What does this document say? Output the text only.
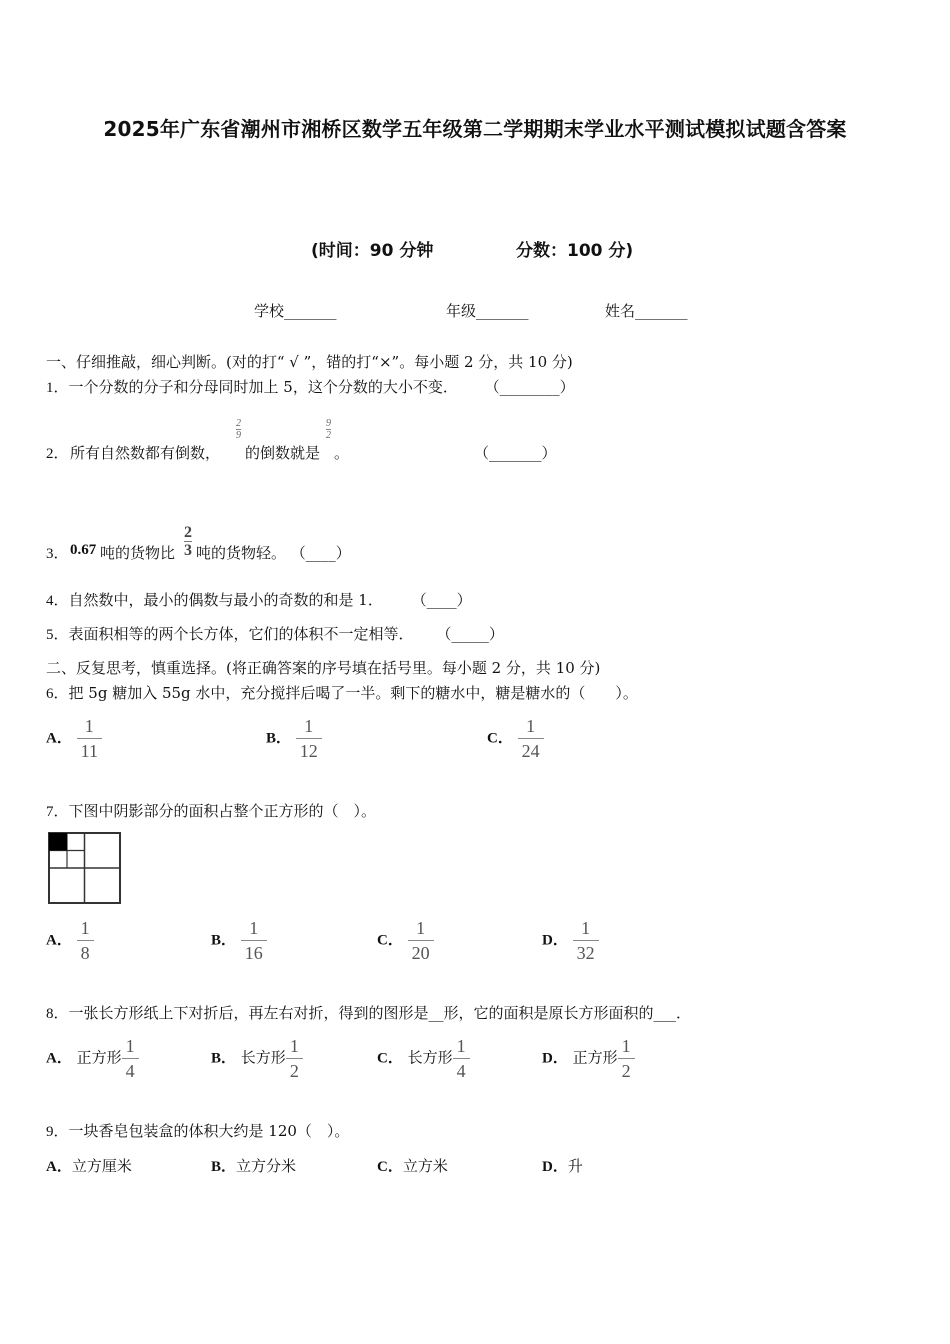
2025年广东省潮州市湘桥区数学五年级第二学期期末学业水平测试模拟试题含答案
(时间：90 分钟	分数：100 分)
学校_______	年级_______	姓名_______
一、仔细推敲，细心判断。(对的打“ √ ”，错的打“×”。每小题 2 分，共 10 分)
1．一个分数的分子和分母同时加上 5，这个分数的大小不变． （________）
2． 所有自然数都有倒数，
2
9
的倒数就是
9
2
。	（_______）
3． 0.67 吨的货物比
2
3 吨的货物轻。 （____）
4．自然数中，最小的偶数与最小的奇数的和是 1． （____）
5．表面积相等的两个长方体，它们的体积不一定相等． （_____）
二、反复思考，慎重选择。(将正确答案的序号填在括号里。每小题 2 分，共 10 分)
6．把 5g 糖加入 55g 水中，充分搅拌后喝了一半。剩下的糖水中，糖是糖水的（　　）。
A． $\frac{1}{11}$	B． $\frac{1}{12}$	C． $\frac{1}{24}$
7．下图中阴影部分的面积占整个正方形的（　）。
A． $\frac{1}{8}$	B． $\frac{1}{16}$	C． $\frac{1}{20}$	D． $\frac{1}{32}$
8．一张长方形纸上下对折后，再左右对折，得到的图形是__形，它的面积是原长方形面积的___．
A． 正方形 $\frac{1}{4}$	B． 长方形 $\frac{1}{2}$	C． 长方形 $\frac{1}{4}$	D． 正方形 $\frac{1}{2}$
9．一块香皂包装盒的体积大约是 120（　）。
A．立方厘米	B．立方分米	C．立方米	D．升
